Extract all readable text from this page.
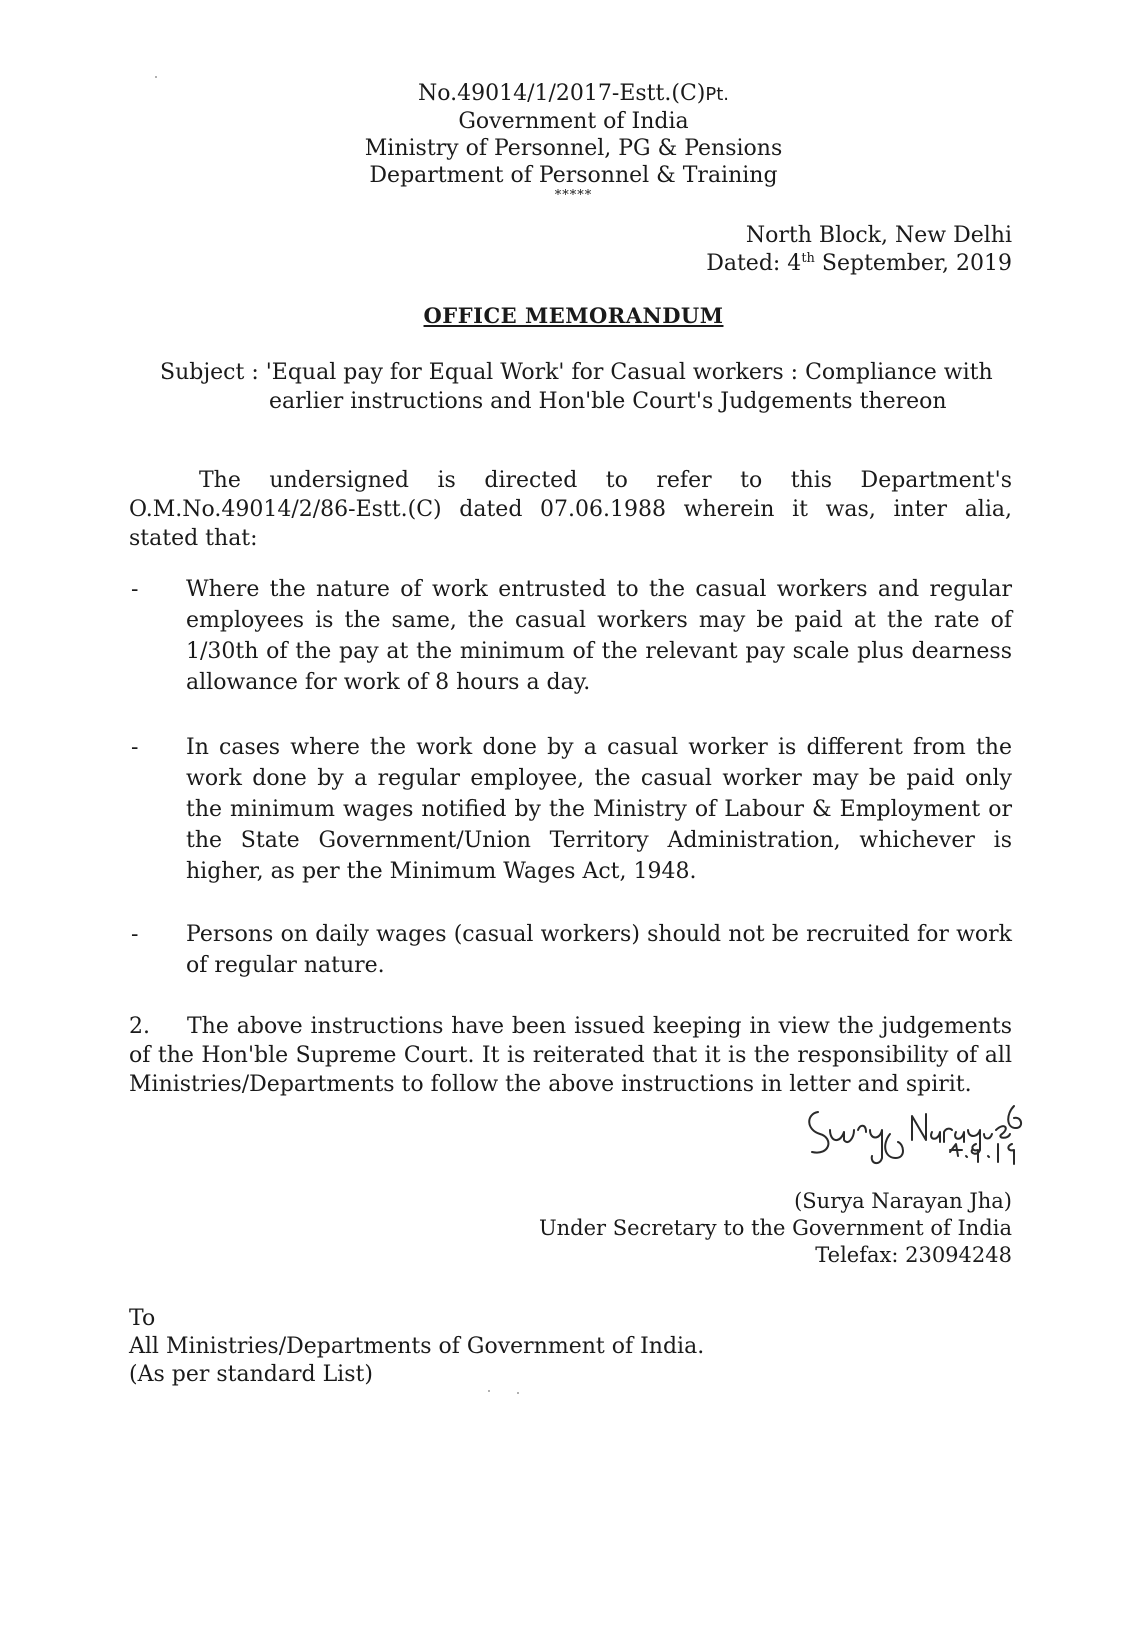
No.49014/1/2017-Estt.(C)Pt.
Government of India
Ministry of Personnel, PG & Pensions
Department of Personnel & Training
*****
North Block, New Delhi
Dated: 4th September, 2019
OFFICE MEMORANDUM
Subject : 'Equal pay for Equal Work' for Casual workers : Compliance with
earlier instructions and Hon'ble Court's Judgements thereon
The undersigned is directed to refer to this Department's O.M.No.49014/2/86-Estt.(C) dated 07.06.1988 wherein it was, inter alia, stated that:
- Where the nature of work entrusted to the casual workers and regular employees is the same, the casual workers may be paid at the rate of 1/30th of the pay at the minimum of the relevant pay scale plus dearness allowance for work of 8 hours a day.
- In cases where the work done by a casual worker is different from the work done by a regular employee, the casual worker may be paid only the minimum wages notified by the Ministry of Labour & Employment or the State Government/Union Territory Administration, whichever is higher, as per the Minimum Wages Act, 1948.
- Persons on daily wages (casual workers) should not be recruited for work of regular nature.
2. The above instructions have been issued keeping in view the judgements of the Hon'ble Supreme Court. It is reiterated that it is the responsibility of all Ministries/Departments to follow the above instructions in letter and spirit.
(Surya Narayan Jha)
Under Secretary to the Government of India
Telefax: 23094248
To
All Ministries/Departments of Government of India.
(As per standard List)
